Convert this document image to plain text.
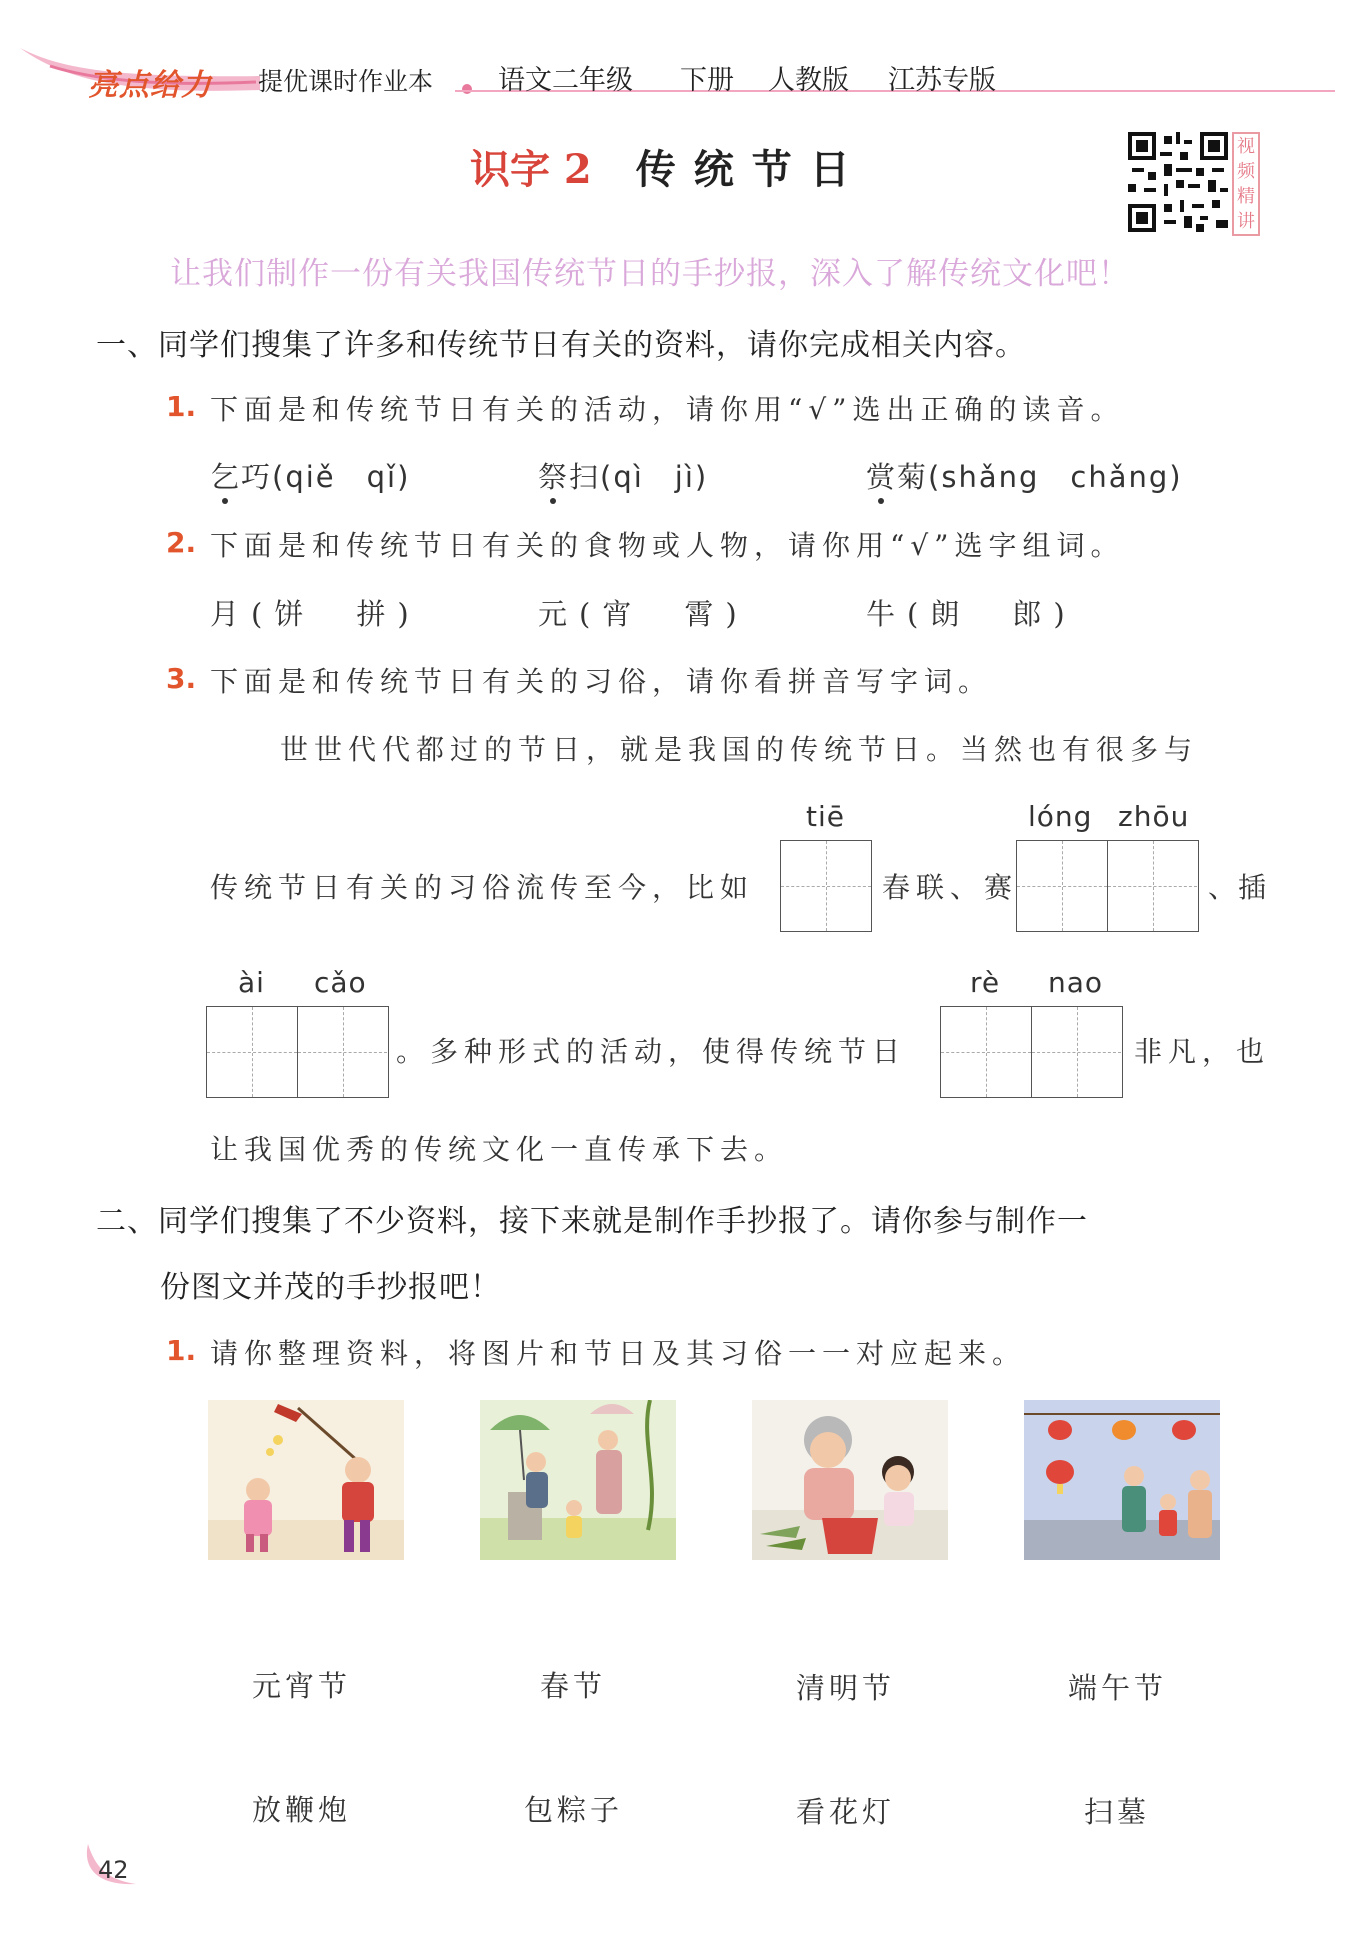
亮点给力 提优课时作业本 语文二年级 下册 人教版 江苏专版
识字 2 传统节日	视
频
精
讲
让我们制作一份有关我国传统节日的手抄报，深入了解传统文化吧！
一、同学们搜集了许多和传统节日有关的资料，请你完成相关内容。
1. 下面是和传统节日有关的活动，请你用“√”选出正确的读音。
乞巧(qiě　qǐ)	祭扫(qì　jì)	赏菊(shǎng　chǎng)
2. 下面是和传统节日有关的食物或人物，请你用“√”选字组词。
月(饼　拼)	元(宵　霄)	牛(朗　郎)
3. 下面是和传统节日有关的习俗，请你看拼音写字词。
世世代代都过的节日，就是我国的传统节日。当然也有很多与
tiē	lóng zhōu
传统节日有关的习俗流传至今，比如	春联、赛	、插
ài cǎo	rè nao
。多种形式的活动，使得传统节日	非凡，也
让我国优秀的传统文化一直传承下去。
二、同学们搜集了不少资料，接下来就是制作手抄报了。请你参与制作一
份图文并茂的手抄报吧！
1. 请你整理资料，将图片和节日及其习俗一一对应起来。
元宵节	春节	清明节	端午节
放鞭炮	包粽子	看花灯	扫墓
42
